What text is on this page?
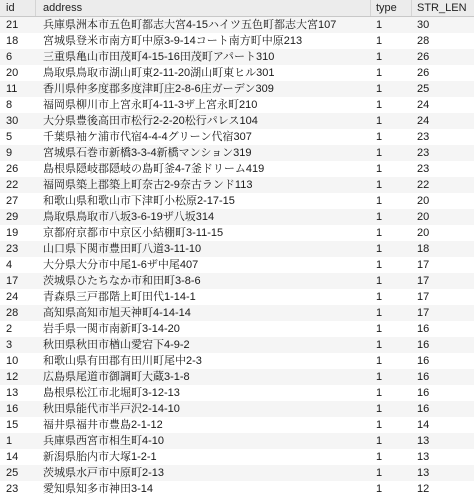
id	address	type	STR_LEN
21	兵庫県洲本市五色町都志大宮4-15ハイツ五色町都志大宮107	1	30
18	宮城県登米市南方町中原3-9-14コート南方町中原213	1	28
6	三重県亀山市田茂町4-15-16田茂町アパート310	1	26
20	鳥取県鳥取市湖山町東2-11-20湖山町東ヒル301	1	26
11	香川県仲多度郡多度津町庄2-8-6庄ガーデン309	1	25
8	福岡県柳川市上宮永町4-11-3ザ上宮永町210	1	24
30	大分県豊後高田市松行2-2-20松行パレス104	1	24
5	千葉県袖ケ浦市代宿4-4-4グリーン代宿307	1	23
9	宮城県石巻市新橋3-3-4新橋マンション319	1	23
26	島根県隠岐郡隠岐の島町釜4-7釜ドリーム419	1	23
22	福岡県築上郡築上町奈古2-9奈古ランド113	1	22
27	和歌山県和歌山市下津町小松原2-17-15	1	20
29	鳥取県鳥取市八坂3-6-19ザ八坂314	1	20
19	京都府京都市中京区小結棚町3-11-15	1	20
23	山口県下関市豊田町八道3-11-10	1	18
4	大分県大分市中尾1-6ザ中尾407	1	17
17	茨城県ひたちなか市和田町3-8-6	1	17
24	青森県三戸郡階上町田代1-14-1	1	17
28	高知県高知市旭天神町4-14-14	1	17
2	岩手県一関市南新町3-14-20	1	16
3	秋田県秋田市楢山愛宕下4-9-2	1	16
10	和歌山県有田郡有田川町尾中2-3	1	16
12	広島県尾道市御調町大蔵3-1-8	1	16
13	島根県松江市北堀町3-12-13	1	16
16	秋田県能代市半戸沢2-14-10	1	16
15	福井県福井市豊島2-1-12	1	14
1	兵庫県西宮市相生町4-10	1	13
14	新潟県胎内市大塚1-2-1	1	13
25	茨城県水戸市中原町2-13	1	13
23	愛知県知多市神田3-14	1	12
